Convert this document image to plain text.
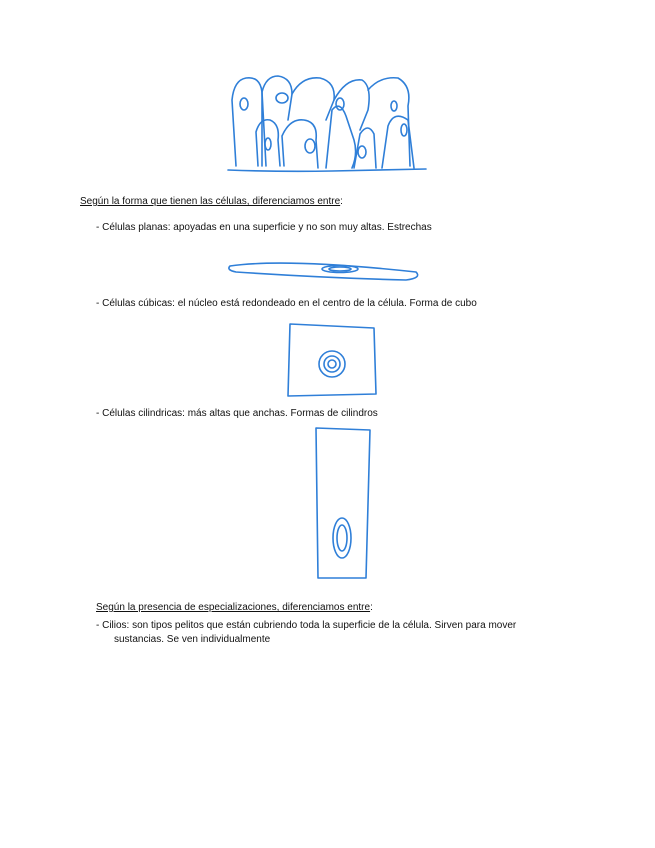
Según la forma que tienen las células, diferenciamos entre:
- Células planas: apoyadas en una superficie y no son muy altas. Estrechas
- Células cúbicas: el núcleo está redondeado en el centro de la célula. Forma de cubo
- Células cilindricas: más altas que anchas. Formas de cilindros
Según la presencia de especializaciones, diferenciamos entre:
- Cilios: son tipos pelitos que están cubriendo toda la superficie de la célula. Sirven para mover
sustancias. Se ven individualmente
